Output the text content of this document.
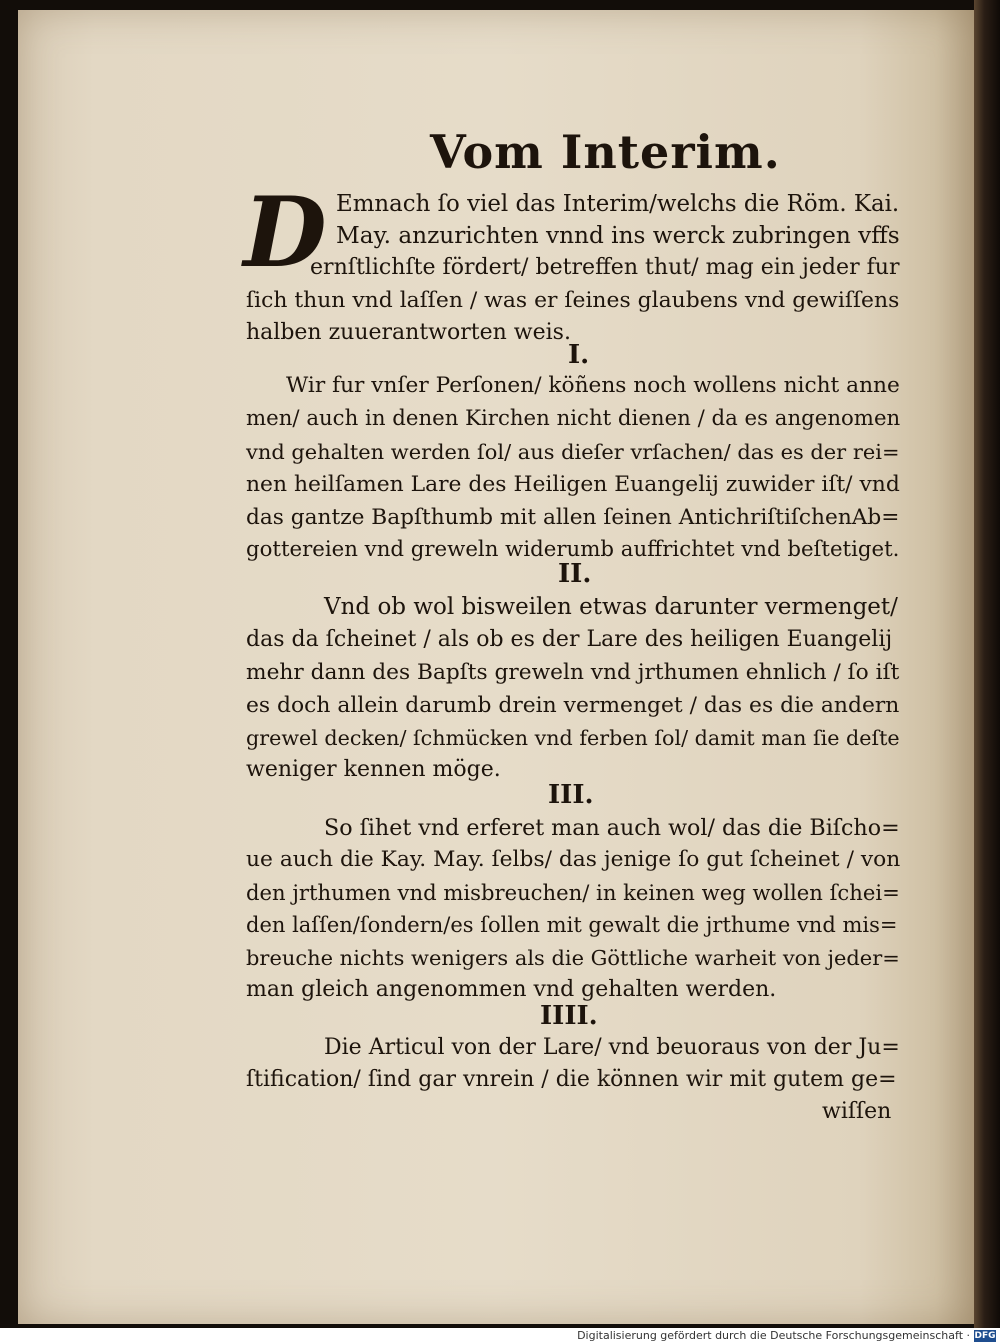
Vom Interim.
D Emnach ſo viel das Interim/welchs die Röm. Kai.
May. anzurichten vnnd ins werck zubringen vffs
ernſtlichſte fördert/ betreffen thut/ mag ein jeder fur
ſich thun vnd laſſen / was er ſeines glaubens vnd gewiſſens
halben zuuerantworten weis.
I.
Wir fur vnſer Perſonen/ köñens noch wollens nicht anne
men/ auch in denen Kirchen nicht dienen / da es angenomen
vnd gehalten werden ſol/ aus dieſer vrſachen/ das es der rei=
nen heilſamen Lare des Heiligen Euangelij zuwider iſt/ vnd
das gantze Bapſthumb mit allen ſeinen AntichriſtiſchenAb=
gottereien vnd greweln widerumb auffrichtet vnd beſtetiget.
II.
Vnd ob wol bisweilen etwas darunter vermenget/
das da ſcheinet / als ob es der Lare des heiligen Euangelij
mehr dann des Bapſts greweln vnd jrthumen ehnlich / ſo iſt
es doch allein darumb drein vermenget / das es die andern
grewel decken/ ſchmücken vnd ferben ſol/ damit man ſie deſte
weniger kennen möge.
III.
So ſihet vnd erferet man auch wol/ das die Biſcho=
ue auch die Kay. May. ſelbs/ das jenige ſo gut ſcheinet / von
den jrthumen vnd misbreuchen/ in keinen weg wollen ſchei=
den laſſen/ſondern/es ſollen mit gewalt die jrthume vnd mis=
breuche nichts wenigers als die Göttliche warheit von jeder=
man gleich angenommen vnd gehalten werden.
IIII.
Die Articul von der Lare/ vnd beuoraus von der Ju=
ſtification/ ſind gar vnrein / die können wir mit gutem ge=
wiſſen
Digitalisierung gefördert durch die Deutsche Forschungsgemeinschaft · DFG
